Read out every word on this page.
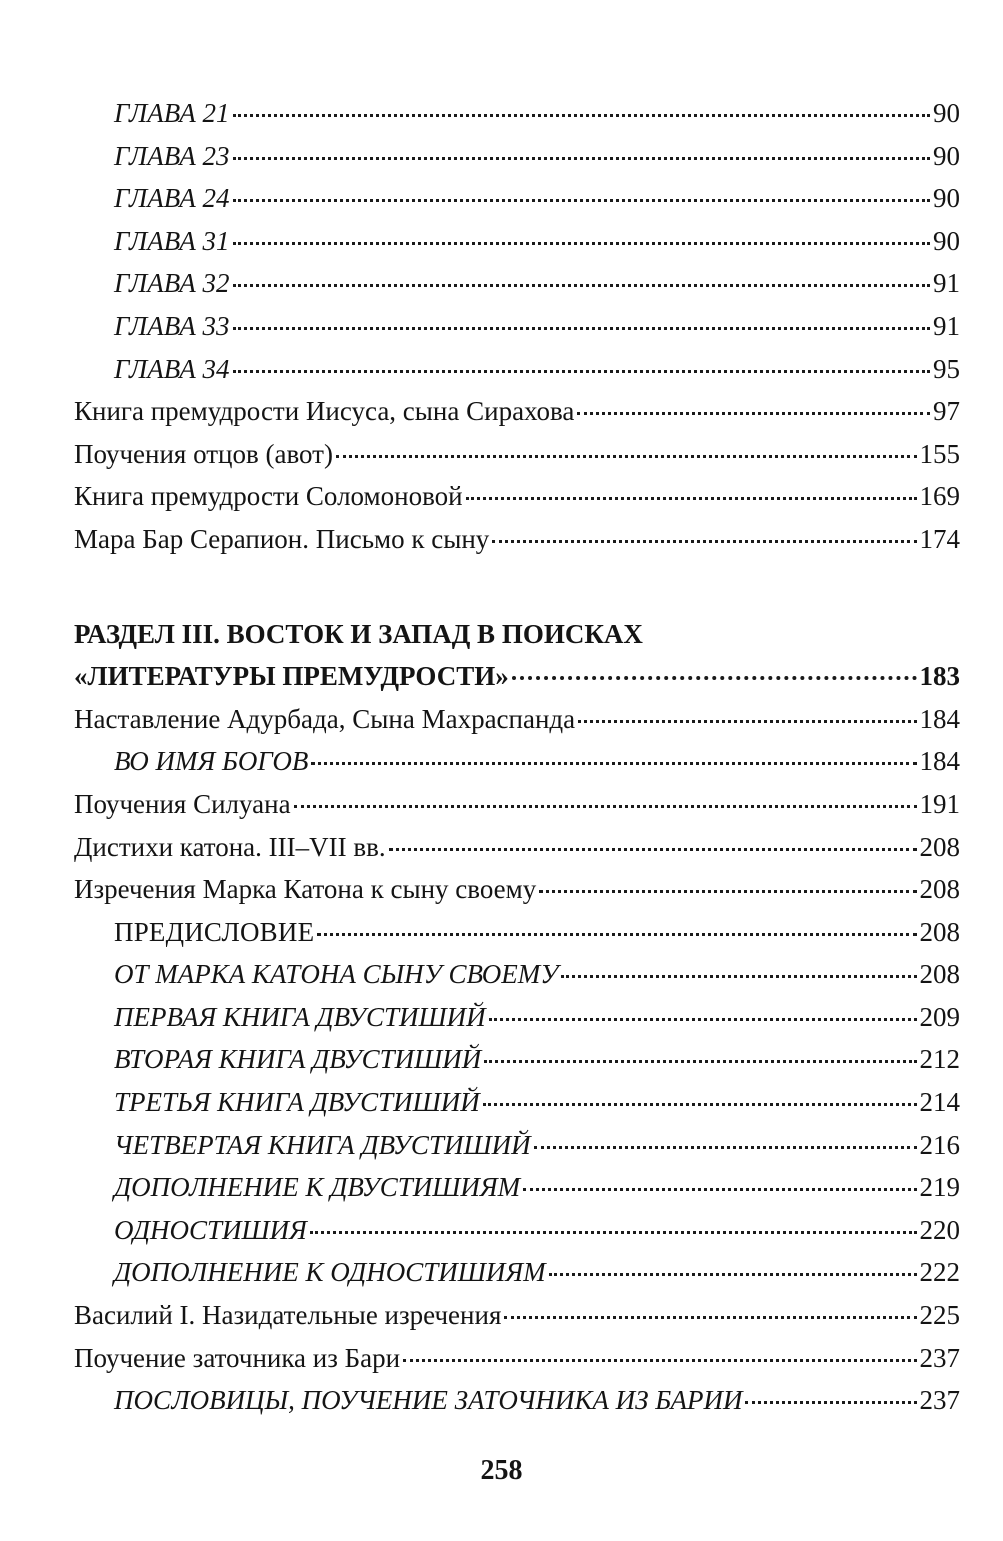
ГЛАВА 21	90
ГЛАВА 23	90
ГЛАВА 24	90
ГЛАВА 31	90
ГЛАВА 32	91
ГЛАВА 33	91
ГЛАВА 34	95
Книга премудрости Иисуса, сына Сирахова	97
Поучения отцов (авот)	155
Книга премудрости Соломоновой	169
Мара Бар Серапион. Письмо к сыну	174
РАЗДЕЛ III. ВОСТОК И ЗАПАД В ПОИСКАХ
«ЛИТЕРАТУРЫ ПРЕМУДРОСТИ»	183
Наставление Адурбада, Сына Махраспанда	184
ВО ИМЯ БОГОВ	184
Поучения Силуана	191
Дистихи катона. III–VII вв.	208
Изречения Марка Катона к сыну своему	208
ПРЕДИСЛОВИЕ	208
ОТ МАРКА КАТОНА СЫНУ СВОЕМУ	208
ПЕРВАЯ КНИГА ДВУСТИШИЙ	209
ВТОРАЯ КНИГА ДВУСТИШИЙ	212
ТРЕТЬЯ КНИГА ДВУСТИШИЙ	214
ЧЕТВЕРТАЯ КНИГА ДВУСТИШИЙ	216
ДОПОЛНЕНИЕ К ДВУСТИШИЯМ	219
ОДНОСТИШИЯ	220
ДОПОЛНЕНИЕ К ОДНОСТИШИЯМ	222
Василий I. Назидательные изречения	225
Поучение заточника из Бари	237
ПОСЛОВИЦЫ, ПОУЧЕНИЕ ЗАТОЧНИКА ИЗ БАРИИ	237
258
